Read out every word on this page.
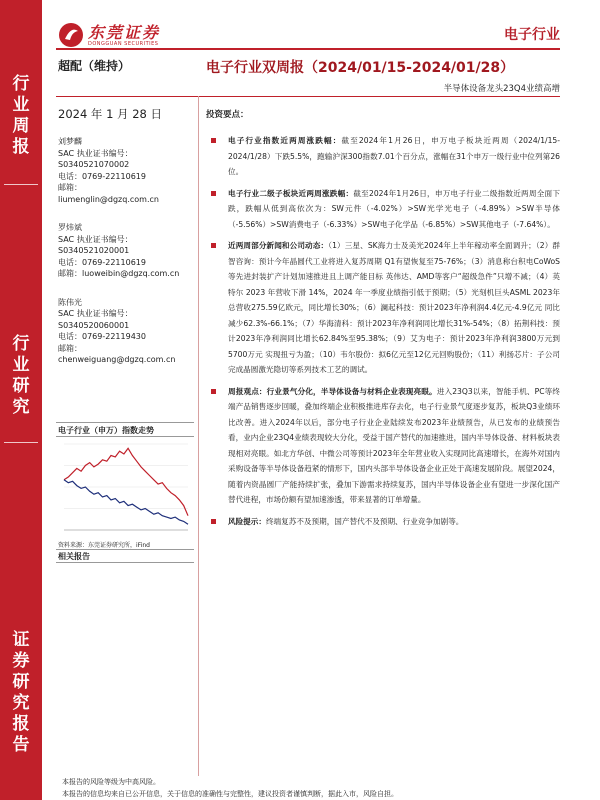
行
业
周
报
行
业
研
究
证
券
研
究
报
告
东莞证券
DONGGUAN SECURITIES
电子行业
超配（维持）	电子行业双周报（2024/01/15-2024/01/28）
半导体设备龙头23Q4业绩高增
2024 年 1 月 28 日
刘梦麟
SAC 执业证书编号：
S0340521070002
电话：0769-22110619
邮箱：
liumenglin@dgzq.com.cn
罗炜斌
SAC 执业证书编号：
S0340521020001
电话：0769-22110619
邮箱：luoweibin@dgzq.com.cn
陈伟光
SAC 执业证书编号：
S0340520060001
电话：0769-22119430
邮箱：
chenweiguang@dgzq.com.cn
电子行业（申万）指数走势
资料来源：东莞证券研究所，iFind
相关报告
投资要点：
电子行业指数近两周涨跌幅：截至2024年1月26日，申万电子板块近两周（2024/1/15-2024/1/28）下跌5.5%，跑输沪深300指数7.01个百分点，涨幅在31个申万一级行业中位列第26位。
电子行业二级子板块近两周涨跌幅：截至2024年1月26日，申万电子行业二级指数近两周全面下跌，跌幅从低到高依次为：SW元件（-4.02%）>SW光学光电子（-4.89%）>SW半导体（-5.56%）>SW消费电子（-6.33%）>SW电子化学品（-6.85%）>SW其他电子（-7.64%）。
近两周部分新闻和公司动态：（1）三星、SK海力士及美光2024年上半年稼动率全面调升；（2）群智咨询：预计今年晶圆代工业将进入复苏周期 Q1有望恢复至75-76%；（3）消息称台积电CoWoS等先进封装扩产计划加速推进且上调产能目标 英伟达、AMD等客户“超级急件”只增不减；（4）英特尔 2023 年营收下滑 14%，2024 年一季度业绩指引低于预期；（5）光刻机巨头ASML 2023年总营收275.59亿欧元，同比增长30%；（6）澜起科技：预计2023年净利润4.4亿元-4.9亿元 同比减少62.3%-66.1%；（7）华海清科：预计2023年净利润同比增长31%-54%；（8）拓荆科技：预计2023年净利润同比增长62.84%至95.38%；（9）艾为电子：预计2023年净利润3800万元到5700万元 实现扭亏为盈；（10）韦尔股份：拟6亿元至12亿元回购股份；（11）利扬芯片：子公司完成晶圆激光隐切等系列技术工艺的调试。
周报观点：行业景气分化，半导体设备与材料企业表现亮眼。进入23Q3以来，智能手机、PC等终端产品销售逐步回暖，叠加终端企业积极推进库存去化，电子行业景气度逐步复苏，板块Q3业绩环比改善。进入2024年以后，部分电子行业企业陆续发布2023年业绩预告，从已发布的业绩预告看，业内企业23Q4业绩表现较大分化，受益于国产替代的加速推进，国内半导体设备、材料板块表现相对亮眼。如北方华创、中微公司等预计2023年全年营业收入实现同比高速增长，在海外对国内采购设备等半导体设备趋紧的情形下，国内头部半导体设备企业正处于高速发展阶段。展望2024，随着内资晶圆厂产能持续扩张，叠加下游需求持续复苏，国内半导体设备企业有望进一步深化国产替代进程，市场份额有望加速渗透，带来显著的订单增量。
风险提示：终端复苏不及预期，国产替代不及预期、行业竞争加剧等。
本报告的风险等级为中高风险。
本报告的信息均来自已公开信息，关于信息的准确性与完整性，建议投资者谨慎判断，据此入市，风险自担。
